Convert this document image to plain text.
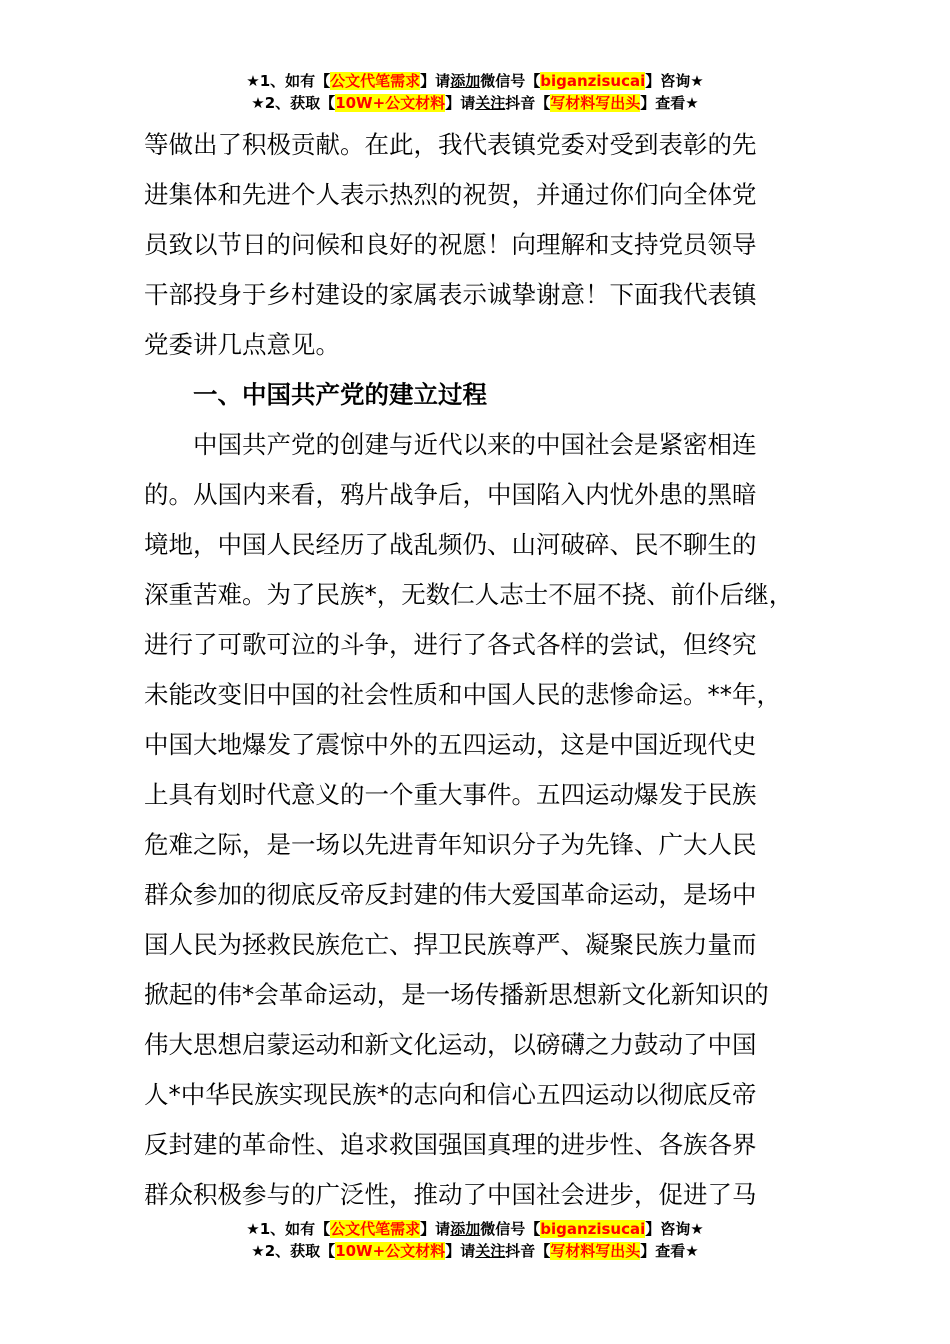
★1、如有【公文代笔需求】请添加微信号【biganzisucai】咨询★
★2、获取【10W+公文材料】请关注抖音【写材料写出头】查看★
等做出了积极贡献。在此，我代表镇党委对受到表彰的先
进集体和先进个人表示热烈的祝贺，并通过你们向全体党
员致以节日的问候和良好的祝愿！向理解和支持党员领导
干部投身于乡村建设的家属表示诚挚谢意！下面我代表镇
党委讲几点意见。
一、中国共产党的建立过程
中国共产党的创建与近代以来的中国社会是紧密相连
的。从国内来看，鸦片战争后，中国陷入内忧外患的黑暗
境地，中国人民经历了战乱频仍、山河破碎、民不聊生的
深重苦难。为了民族*，无数仁人志士不屈不挠、前仆后继，
进行了可歌可泣的斗争，进行了各式各样的尝试，但终究
未能改变旧中国的社会性质和中国人民的悲惨命运。**年，
中国大地爆发了震惊中外的五四运动，这是中国近现代史
上具有划时代意义的一个重大事件。五四运动爆发于民族
危难之际，是一场以先进青年知识分子为先锋、广大人民
群众参加的彻底反帝反封建的伟大爱国革命运动，是场中
国人民为拯救民族危亡、捍卫民族尊严、凝聚民族力量而
掀起的伟*会革命运动，是一场传播新思想新文化新知识的
伟大思想启蒙运动和新文化运动，以磅礴之力鼓动了中国
人*中华民族实现民族*的志向和信心五四运动以彻底反帝
反封建的革命性、追求救国强国真理的进步性、各族各界
群众积极参与的广泛性，推动了中国社会进步，促进了马
★1、如有【公文代笔需求】请添加微信号【biganzisucai】咨询★
★2、获取【10W+公文材料】请关注抖音【写材料写出头】查看★
